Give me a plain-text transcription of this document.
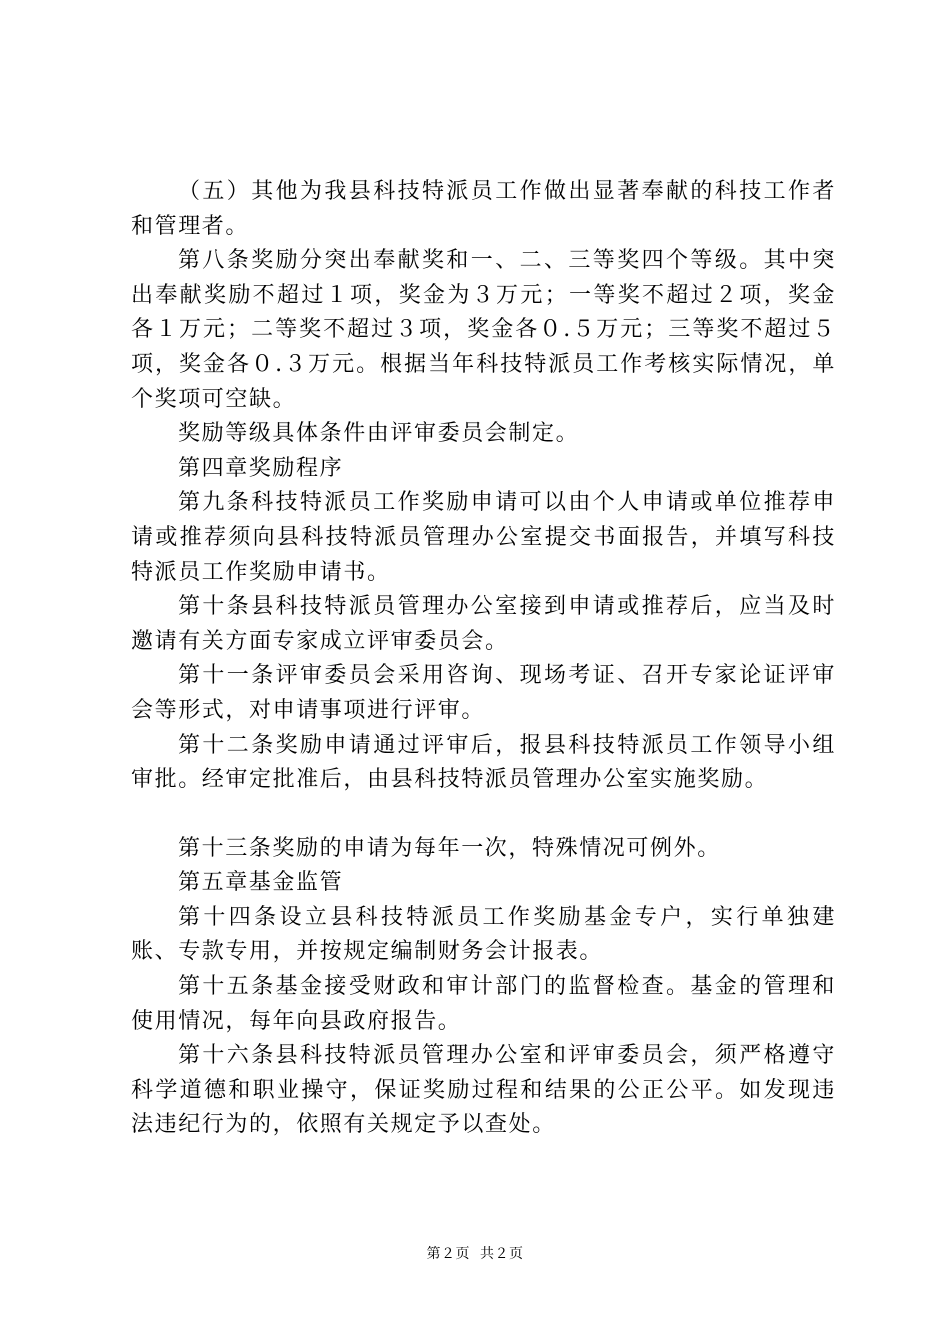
（五）其他为我县科技特派员工作做出显著奉献的科技工作者和管理者。

第八条奖励分突出奉献奖和一、二、三等奖四个等级。其中突出奉献奖励不超过１项，奖金为３万元；一等奖不超过２项，奖金各１万元；二等奖不超过３项，奖金各０.５万元；三等奖不超过５项，奖金各０.３万元。根据当年科技特派员工作考核实际情况，单个奖项可空缺。

奖励等级具体条件由评审委员会制定。

第四章奖励程序

第九条科技特派员工作奖励申请可以由个人申请或单位推荐申请或推荐须向县科技特派员管理办公室提交书面报告，并填写科技特派员工作奖励申请书。

第十条县科技特派员管理办公室接到申请或推荐后，应当及时邀请有关方面专家成立评审委员会。

第十一条评审委员会采用咨询、现场考证、召开专家论证评审会等形式，对申请事项进行评审。

第十二条奖励申请通过评审后，报县科技特派员工作领导小组审批。经审定批准后，由县科技特派员管理办公室实施奖励。

第十三条奖励的申请为每年一次，特殊情况可例外。

第五章基金监管

第十四条设立县科技特派员工作奖励基金专户，实行单独建账、专款专用，并按规定编制财务会计报表。

第十五条基金接受财政和审计部门的监督检查。基金的管理和使用情况，每年向县政府报告。

第十六条县科技特派员管理办公室和评审委员会，须严格遵守科学道德和职业操守，保证奖励过程和结果的公正公平。如发现违法违纪行为的，依照有关规定予以查处。

第２页 共２页
